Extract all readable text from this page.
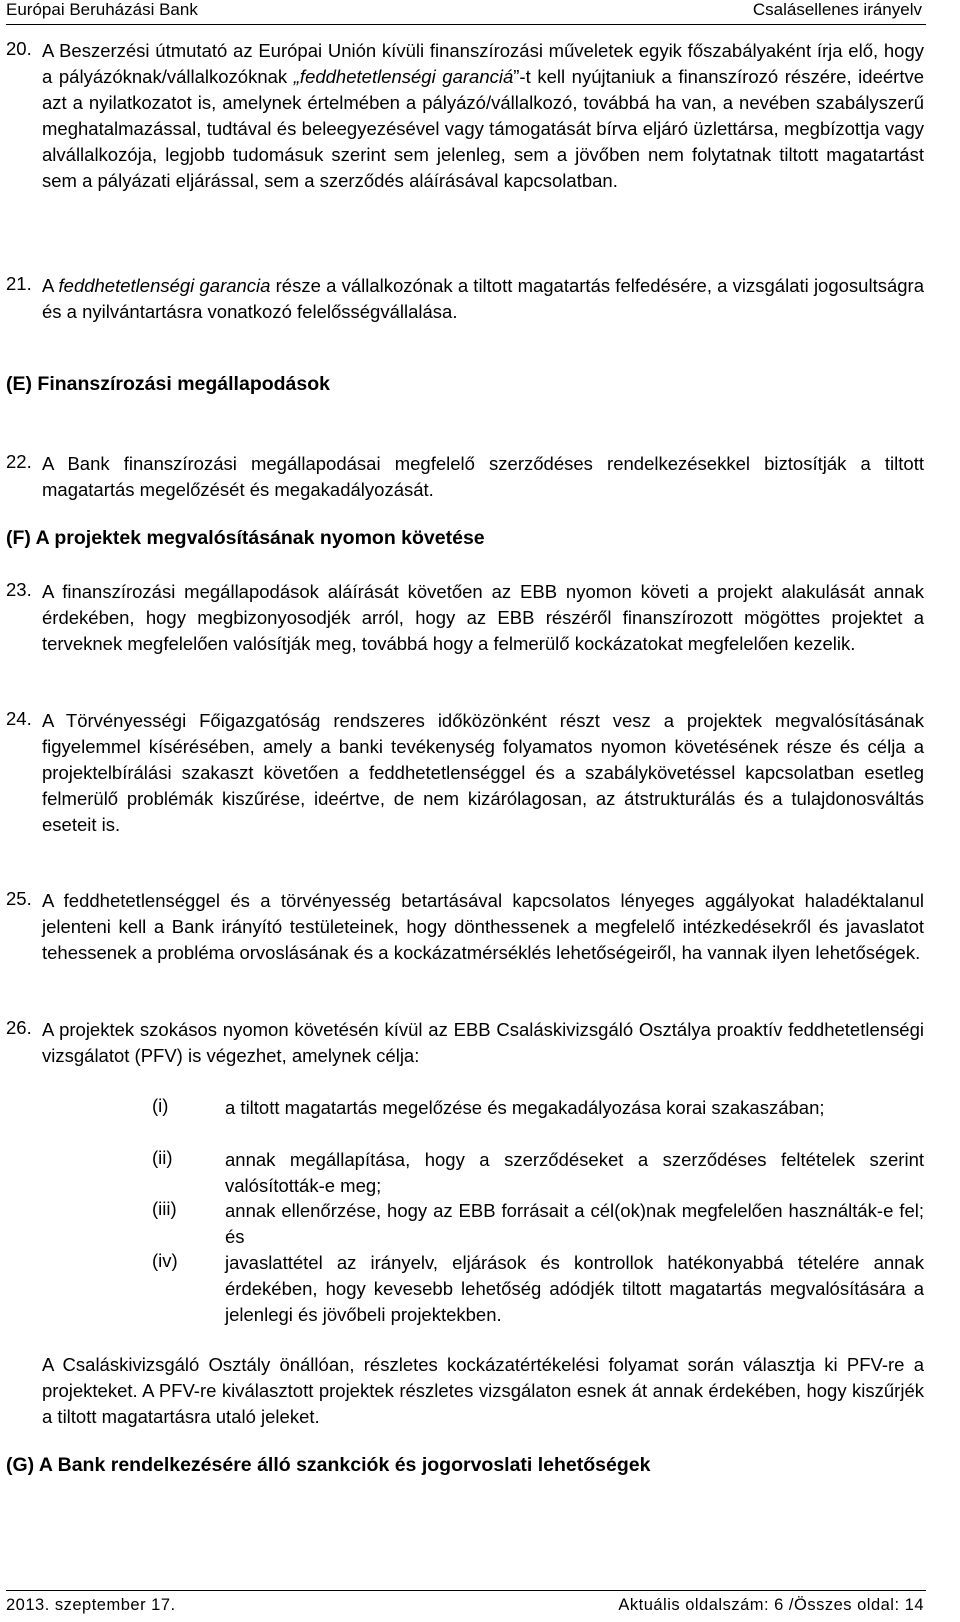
Európai Beruházási Bank	Csalásellenes irányelv
20. A Beszerzési útmutató az Európai Unión kívüli finanszírozási műveletek egyik főszabályaként írja elő, hogy a pályázóknak/vállalkozóknak „feddhetetlenségi garanciá”-t kell nyújtaniuk a finanszírozó részére, ideértve azt a nyilatkozatot is, amelynek értelmében a pályázó/vállalkozó, továbbá ha van, a nevében szabályszerű meghatalmazással, tudtával és beleegyezésével vagy támogatását bírva eljáró üzlettársa, megbízottja vagy alvállalkozója, legjobb tudomásuk szerint sem jelenleg, sem a jövőben nem folytatnak tiltott magatartást sem a pályázati eljárással, sem a szerződés aláírásával kapcsolatban.
21. A feddhetetlenségi garancia része a vállalkozónak a tiltott magatartás felfedésére, a vizsgálati jogosultságra és a nyilvántartásra vonatkozó felelősségvállalása.
(E) Finanszírozási megállapodások
22. A Bank finanszírozási megállapodásai megfelelő szerződéses rendelkezésekkel biztosítják a tiltott magatartás megelőzését és megakadályozását.
(F) A projektek megvalósításának nyomon követése
23. A finanszírozási megállapodások aláírását követően az EBB nyomon követi a projekt alakulását annak érdekében, hogy megbizonyosodjék arról, hogy az EBB részéről finanszírozott mögöttes projektet a terveknek megfelelően valósítják meg, továbbá hogy a felmerülő kockázatokat megfelelően kezelik.
24. A Törvényességi Főigazgatóság rendszeres időközönként részt vesz a projektek megvalósításának figyelemmel kísérésében, amely a banki tevékenység folyamatos nyomon követésének része és célja a projektelbírálási szakaszt követően a feddhetetlenséggel és a szabálykövetéssel kapcsolatban esetleg felmerülő problémák kiszűrése, ideértve, de nem kizárólagosan, az átstrukturálás és a tulajdonosváltás eseteit is.
25. A feddhetetlenséggel és a törvényesség betartásával kapcsolatos lényeges aggályokat haladéktalanul jelenteni kell a Bank irányító testületeinek, hogy dönthessenek a megfelelő intézkedésekről és javaslatot tehessenek a probléma orvoslásának és a kockázatmérséklés lehetőségeiről, ha vannak ilyen lehetőségek.
26. A projektek szokásos nyomon követésén kívül az EBB Csaláskivizsgáló Osztálya proaktív feddhetetlenségi vizsgálatot (PFV) is végezhet, amelynek célja:
(i)	a tiltott magatartás megelőzése és megakadályozása korai szakaszában;
(ii)	annak megállapítása, hogy a szerződéseket a szerződéses feltételek szerint valósították-e meg;
(iii)	annak ellenőrzése, hogy az EBB forrásait a cél(ok)nak megfelelően használták-e fel; és
(iv)	javaslattétel az irányelv, eljárások és kontrollok hatékonyabbá tételére annak érdekében, hogy kevesebb lehetőség adódjék tiltott magatartás megvalósítására a jelenlegi és jövőbeli projektekben.
A Csaláskivizsgáló Osztály önállóan, részletes kockázatértékelési folyamat során választja ki PFV-re a projekteket. A PFV-re kiválasztott projektek részletes vizsgálaton esnek át annak érdekében, hogy kiszűrjék a tiltott magatartásra utaló jeleket.
(G) A Bank rendelkezésére álló szankciók és jogorvoslati lehetőségek
2013. szeptember 17.	Aktuális oldalszám: 6 /Összes oldal: 14
